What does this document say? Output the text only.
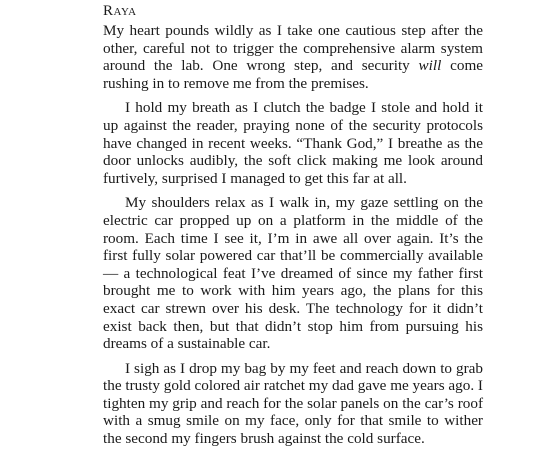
Raya

My heart pounds wildly as I take one cautious step after the other, careful not to trigger the comprehensive alarm system around the lab. One wrong step, and security will come rushing in to remove me from the premises.

I hold my breath as I clutch the badge I stole and hold it up against the reader, praying none of the security protocols have changed in recent weeks. “Thank God,” I breathe as the door unlocks audibly, the soft click making me look around furtively, surprised I managed to get this far at all.

My shoulders relax as I walk in, my gaze settling on the electric car propped up on a platform in the middle of the room. Each time I see it, I’m in awe all over again. It’s the first fully solar powered car that’ll be commercially available — a technological feat I’ve dreamed of since my father first brought me to work with him years ago, the plans for this exact car strewn over his desk. The technology for it didn’t exist back then, but that didn’t stop him from pursuing his dreams of a sustainable car.

I sigh as I drop my bag by my feet and reach down to grab the trusty gold colored air ratchet my dad gave me years ago. I tighten my grip and reach for the solar panels on the car’s roof with a smug smile on my face, only for that smile to wither the second my fingers brush against the cold surface.
